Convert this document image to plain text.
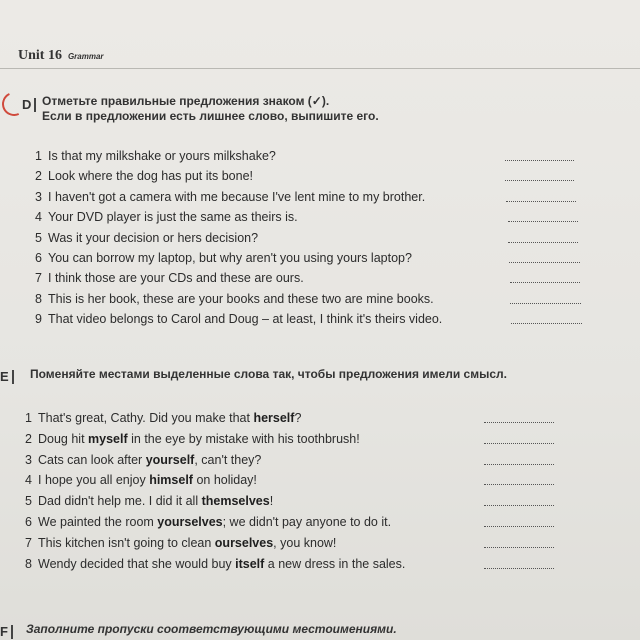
Unit 16 Grammar
D Отметьте правильные предложения знаком (✓).
Если в предложении есть лишнее слово, выпишите его.
1 Is that my milkshake or yours milkshake?
2 Look where the dog has put its bone!
3 I haven't got a camera with me because I've lent mine to my brother.
4 Your DVD player is just the same as theirs is.
5 Was it your decision or hers decision?
6 You can borrow my laptop, but why aren't you using yours laptop?
7 I think those are your CDs and these are ours.
8 This is her book, these are your books and these two are mine books.
9 That video belongs to Carol and Doug – at least, I think it's theirs video.
E	Поменяйте местами выделенные слова так, чтобы предложения имели смысл.
1 That's great, Cathy. Did you make that herself?
2 Doug hit myself in the eye by mistake with his toothbrush!
3 Cats can look after yourself, can't they?
4 I hope you all enjoy himself on holiday!
5 Dad didn't help me. I did it all themselves!
6 We painted the room yourselves; we didn't pay anyone to do it.
7 This kitchen isn't going to clean ourselves, you know!
8 Wendy decided that she would buy itself a new dress in the sales.
F	Заполните пропуски соответствующими местоимениями.
